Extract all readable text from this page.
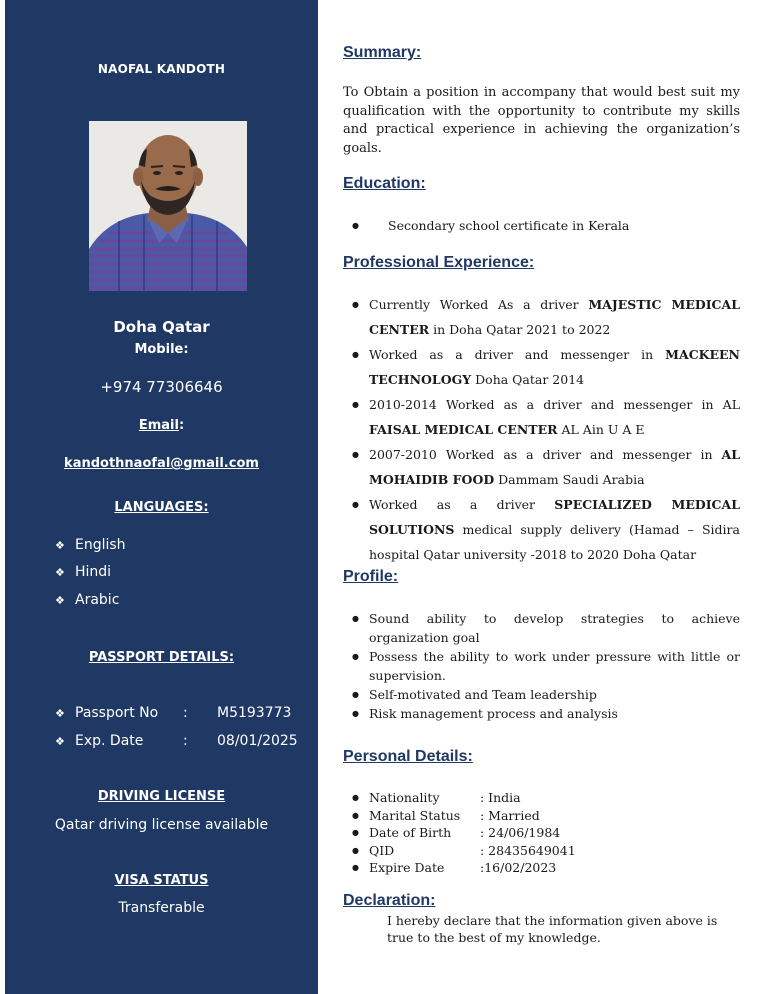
NAOFAL KANDOTH
Doha Qatar
Mobile:
+974 77306646
Email:
kandothnaofal@gmail.com
LANGUAGES:
❖ English
❖ Hindi
❖ Arabic
PASSPORT DETAILS:
❖ Passport No : M5193773
❖ Exp. Date	: 08/01/2025
DRIVING LICENSE
Qatar driving license available
VISA STATUS
Transferable
Summary:
To Obtain a position in accompany that would best suit my qualification with the opportunity to contribute my skills and practical experience in achieving the organization’s goals.
Education:
● Secondary school certificate in Kerala
Professional Experience:
● Currently Worked As a driver MAJESTIC MEDICAL CENTER in Doha Qatar 2021 to 2022
● Worked as a driver and messenger in MACKEEN TECHNOLOGY Doha Qatar 2014
● 2010-2014 Worked as a driver and messenger in AL FAISAL MEDICAL CENTER AL Ain U A E
● 2007-2010 Worked as a driver and messenger in AL MOHAIDIB FOOD Dammam Saudi Arabia
● Worked as a driver SPECIALIZED MEDICAL SOLUTIONS medical supply delivery (Hamad – Sidira hospital Qatar university -2018 to 2020 Doha Qatar
Profile:
● Sound ability to develop strategies to achieve organization goal
● Possess the ability to work under pressure with little or supervision.
● Self-motivated and Team leadership
● Risk management process and analysis
Personal Details:
● Nationality	: India
● Marital Status : Married
● Date of Birth : 24/06/1984
● QID	: 28435649041
● Expire Date	:16/02/2023
Declaration:
I hereby declare that the information given above is true to the best of my knowledge.
